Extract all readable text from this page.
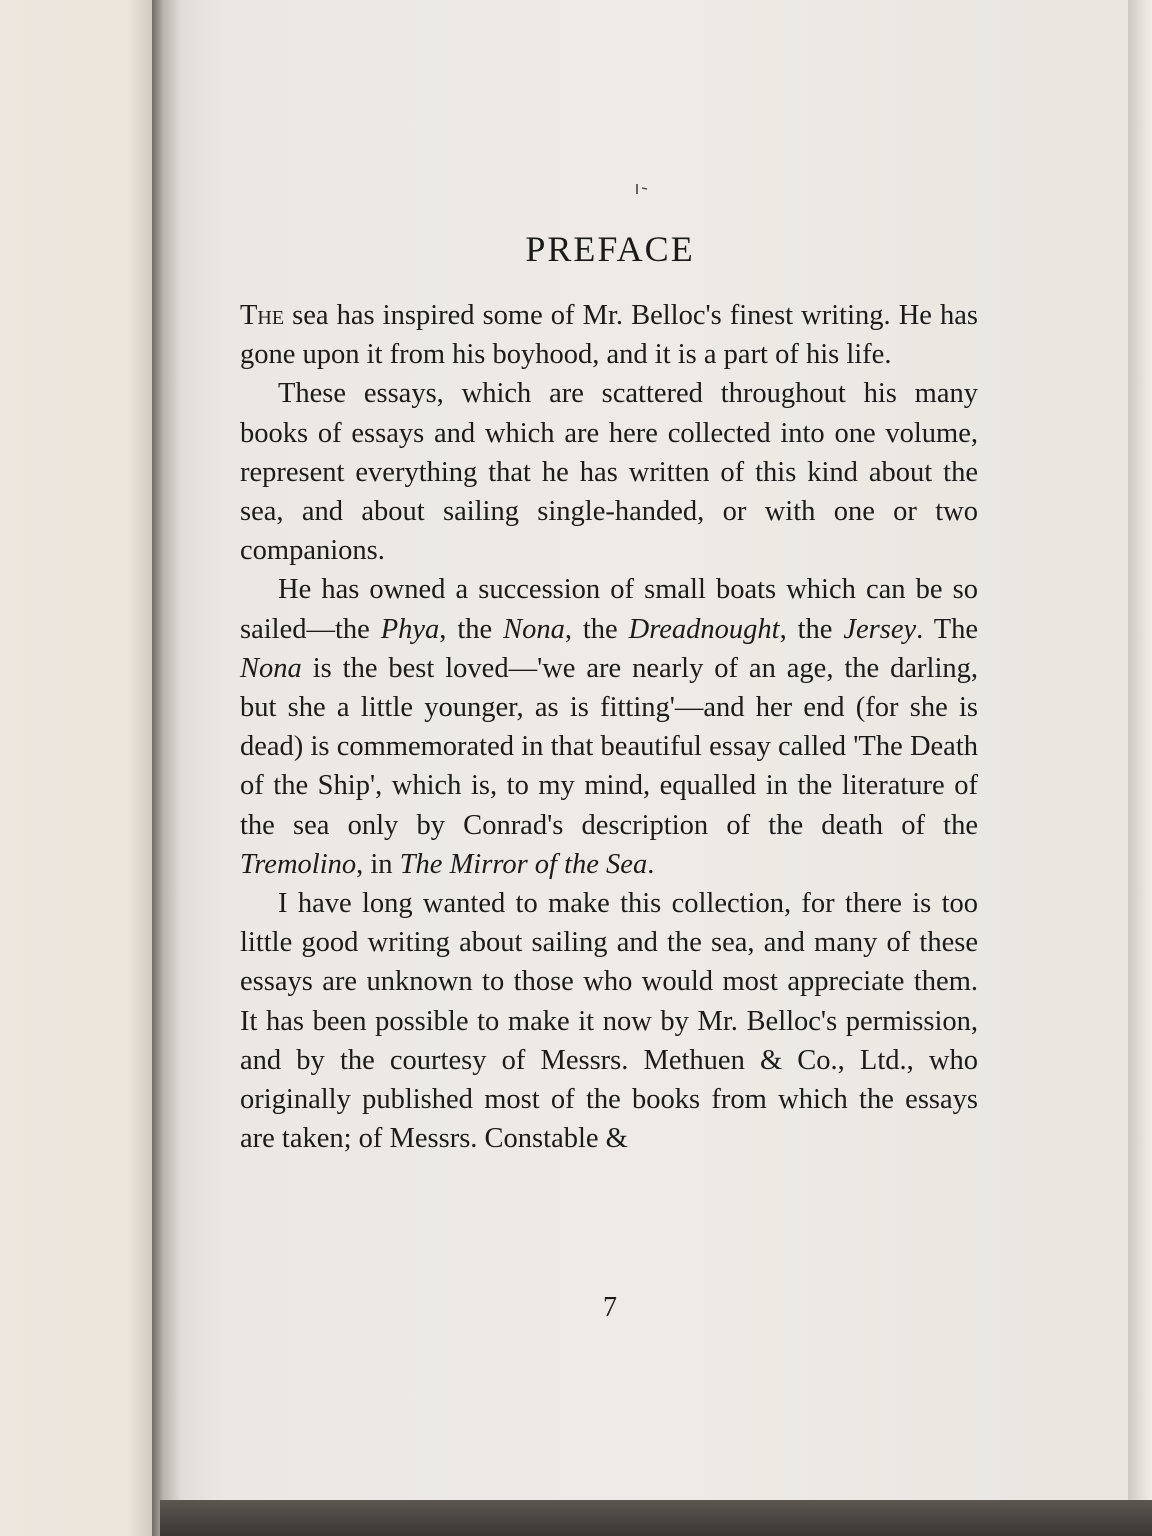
PREFACE

The sea has inspired some of Mr. Belloc's finest writing. He has gone upon it from his boyhood, and it is a part of his life.

These essays, which are scattered throughout his many books of essays and which are here collected into one volume, represent everything that he has written of this kind about the sea, and about sailing single-handed, or with one or two companions.

He has owned a succession of small boats which can be so sailed—the Phya, the Nona, the Dreadnought, the Jersey. The Nona is the best loved—'we are nearly of an age, the darling, but she a little younger, as is fitting'—and her end (for she is dead) is commemorated in that beautiful essay called 'The Death of the Ship', which is, to my mind, equalled in the literature of the sea only by Conrad's description of the death of the Tremolino, in The Mirror of the Sea.

I have long wanted to make this collection, for there is too little good writing about sailing and the sea, and many of these essays are unknown to those who would most appreciate them. It has been possible to make it now by Mr. Belloc's permission, and by the courtesy of Messrs. Methuen & Co., Ltd., who originally published most of the books from which the essays are taken; of Messrs. Constable &

7
